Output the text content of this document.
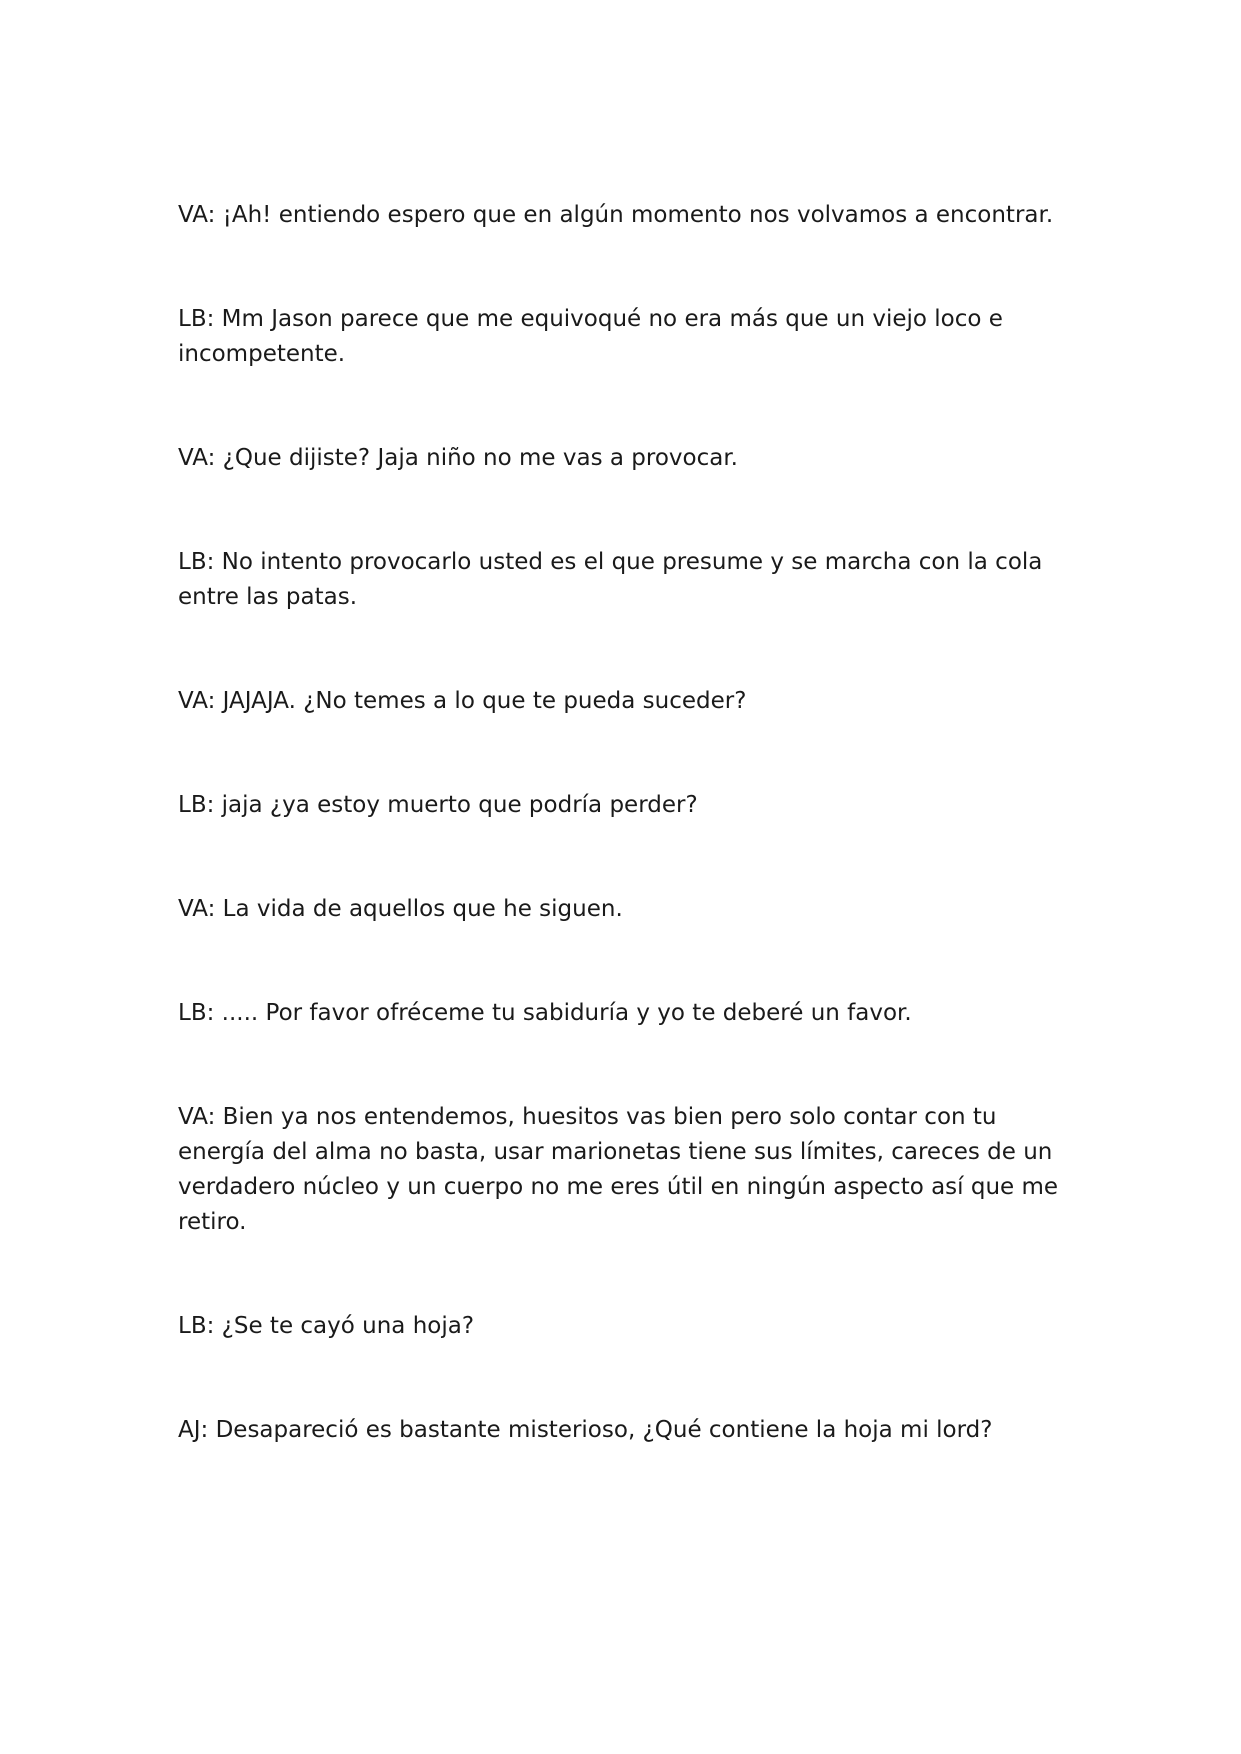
VA: ¡Ah! entiendo espero que en algún momento nos volvamos a encontrar.

LB: Mm Jason parece que me equivoqué no era más que un viejo loco e incompetente.

VA: ¿Que dijiste? Jaja niño no me vas a provocar.

LB: No intento provocarlo usted es el que presume y se marcha con la cola entre las patas.

VA: JAJAJA. ¿No temes a lo que te pueda suceder?

LB: jaja ¿ya estoy muerto que podría perder?

VA: La vida de aquellos que he siguen.

LB: ..... Por favor ofréceme tu sabiduría y yo te deberé un favor.

VA: Bien ya nos entendemos, huesitos vas bien pero solo contar con tu energía del alma no basta, usar marionetas tiene sus límites, careces de un verdadero núcleo y un cuerpo no me eres útil en ningún aspecto así que me retiro.

LB: ¿Se te cayó una hoja?

AJ: Desapareció es bastante misterioso, ¿Qué contiene la hoja mi lord?
